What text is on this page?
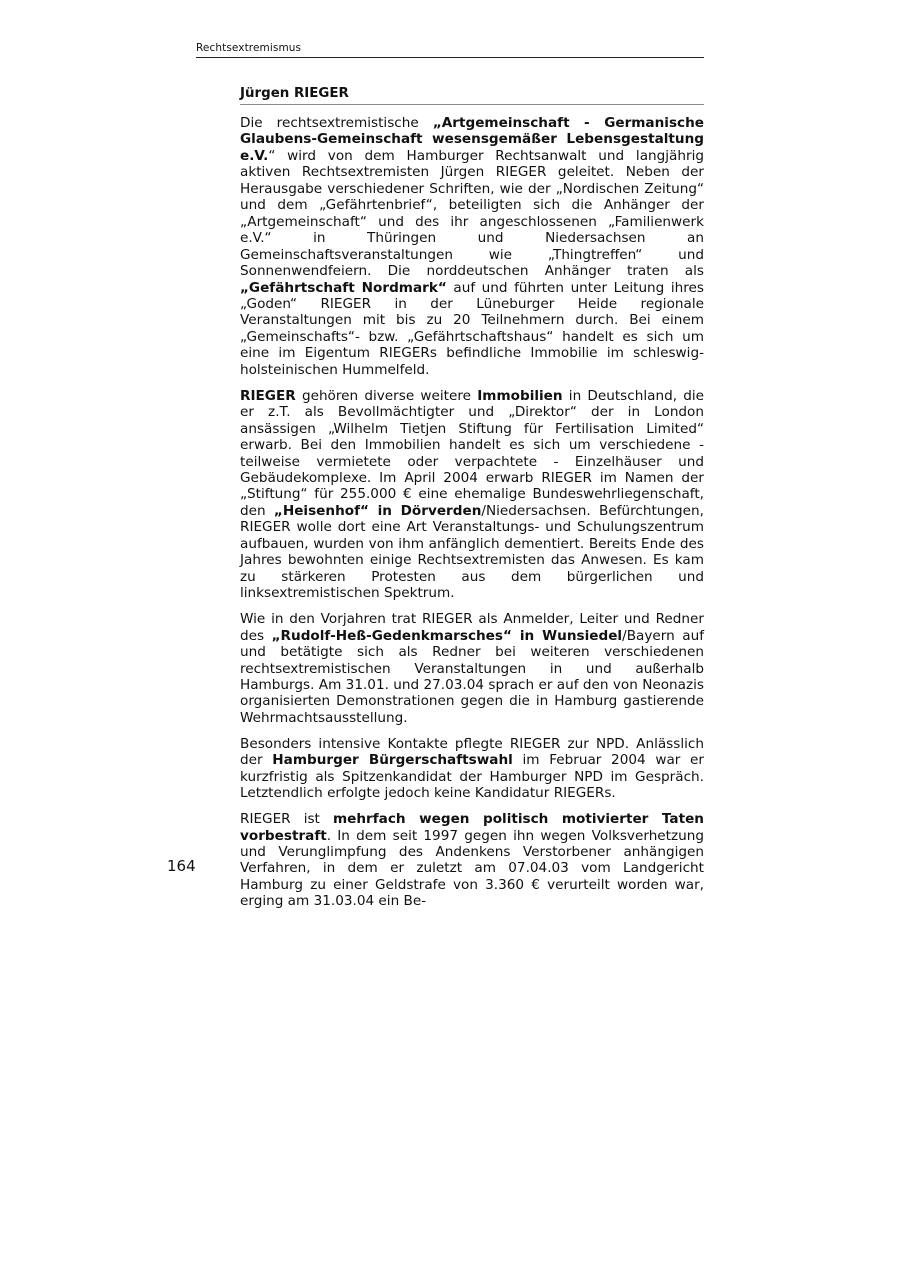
Rechtsextremismus
Jürgen RIEGER

Die rechtsextremistische „Artgemeinschaft - Germanische Glaubens-Gemeinschaft wesensgemäßer Lebensgestaltung e.V.“ wird von dem Hamburger Rechtsanwalt und langjährig aktiven Rechtsextremisten Jürgen RIEGER geleitet. Neben der Herausgabe verschiedener Schriften, wie der „Nordischen Zeitung“ und dem „Gefährtenbrief“, beteiligten sich die Anhänger der „Artgemeinschaft“ und des ihr angeschlossenen „Familienwerk e.V.“ in Thüringen und Niedersachsen an Gemeinschaftsveranstaltungen wie „Thingtreffen“ und Sonnenwendfeiern. Die norddeutschen Anhänger traten als „Gefährtschaft Nordmark“ auf und führten unter Leitung ihres „Goden“ RIEGER in der Lüneburger Heide regionale Veranstaltungen mit bis zu 20 Teilnehmern durch. Bei einem „Gemeinschafts“- bzw. „Gefährtschaftshaus“ handelt es sich um eine im Eigentum RIEGERs befindliche Immobilie im schleswig-holsteinischen Hummelfeld.

RIEGER gehören diverse weitere Immobilien in Deutschland, die er z.T. als Bevollmächtigter und „Direktor“ der in London ansässigen „Wilhelm Tietjen Stiftung für Fertilisation Limited“ erwarb. Bei den Immobilien handelt es sich um verschiedene - teilweise vermietete oder verpachtete - Einzelhäuser und Gebäudekomplexe. Im April 2004 erwarb RIEGER im Namen der „Stiftung“ für 255.000 € eine ehemalige Bundeswehrliegenschaft, den „Heisenhof“ in Dörverden/Niedersachsen. Befürchtungen, RIEGER wolle dort eine Art Veranstaltungs- und Schulungszentrum aufbauen, wurden von ihm anfänglich dementiert. Bereits Ende des Jahres bewohnten einige Rechtsextremisten das Anwesen. Es kam zu stärkeren Protesten aus dem bürgerlichen und linksextremistischen Spektrum.

Wie in den Vorjahren trat RIEGER als Anmelder, Leiter und Redner des „Rudolf-Heß-Gedenkmarsches“ in Wunsiedel/Bayern auf und betätigte sich als Redner bei weiteren verschiedenen rechtsextremistischen Veranstaltungen in und außerhalb Hamburgs. Am 31.01. und 27.03.04 sprach er auf den von Neonazis organisierten Demonstrationen gegen die in Hamburg gastierende Wehrmachtsausstellung.

Besonders intensive Kontakte pflegte RIEGER zur NPD. Anlässlich der Hamburger Bürgerschaftswahl im Februar 2004 war er kurzfristig als Spitzenkandidat der Hamburger NPD im Gespräch. Letztendlich erfolgte jedoch keine Kandidatur RIEGERs.

RIEGER ist mehrfach wegen politisch motivierter Taten vorbestraft. In dem seit 1997 gegen ihn wegen Volksverhetzung und Verunglimpfung des Andenkens Verstorbener anhängigen Verfahren, in dem er zuletzt am 07.04.03 vom Landgericht Hamburg zu einer Geldstrafe von 3.360 € verurteilt worden war, erging am 31.03.04 ein Be-

164
